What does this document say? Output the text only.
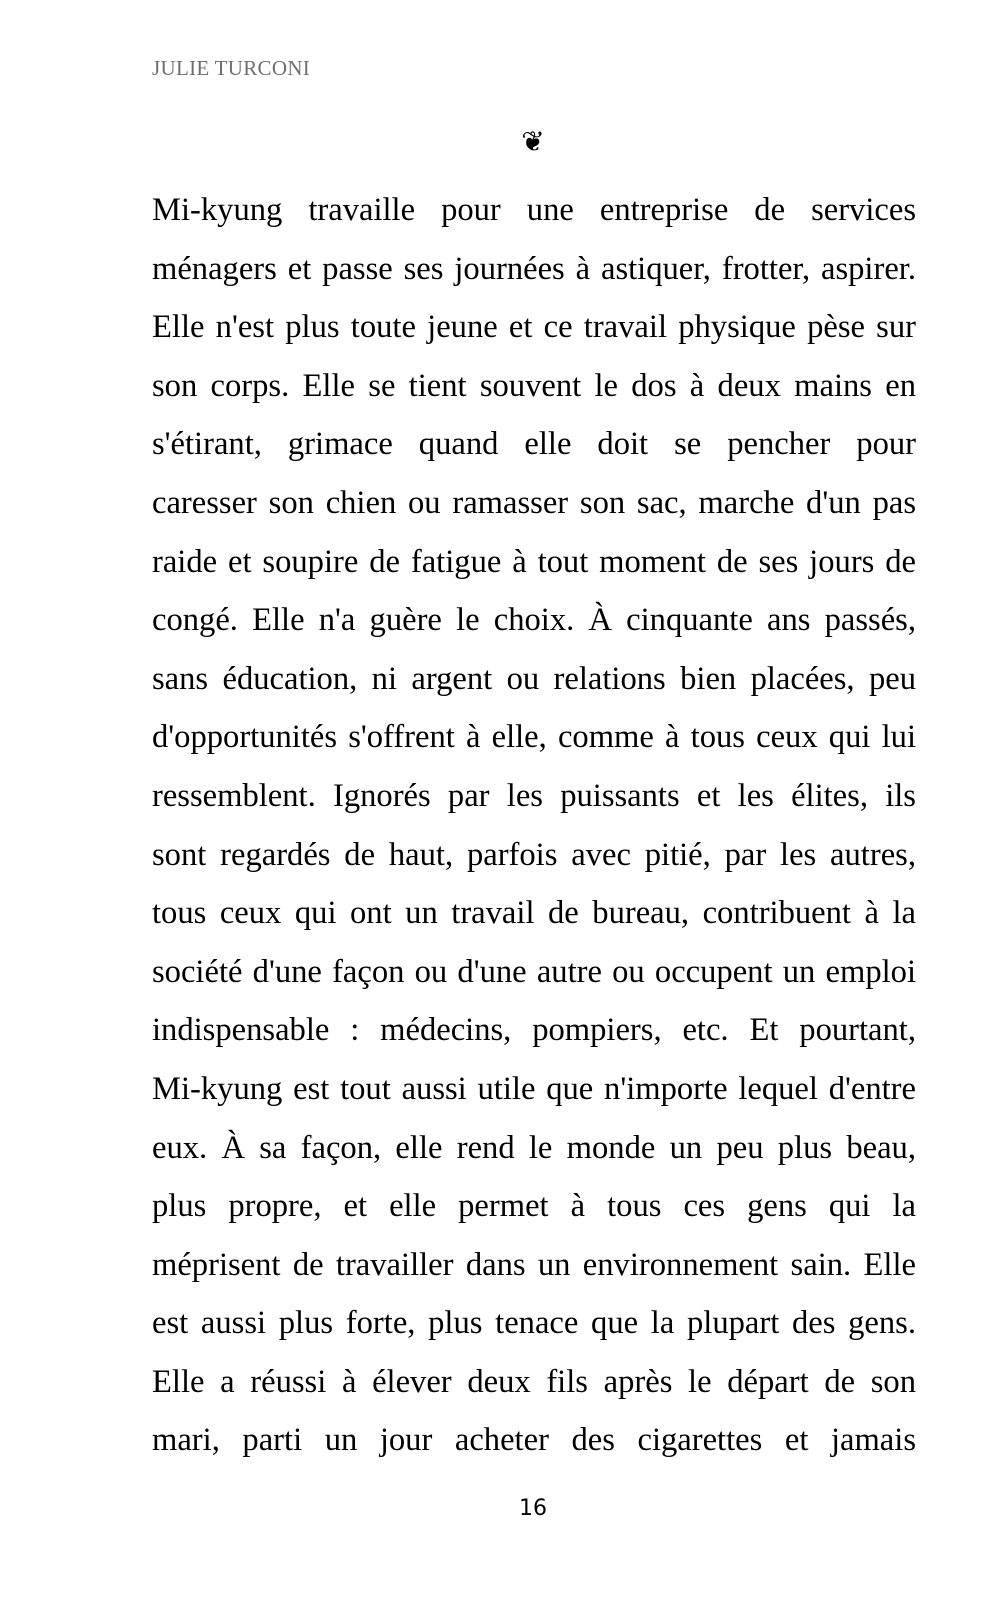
JULIE TURCONI
❦
Mi-kyung travaille pour une entreprise de services
ménagers et passe ses journées à astiquer, frotter, aspirer.
Elle n'est plus toute jeune et ce travail physique pèse sur
son corps. Elle se tient souvent le dos à deux mains en
s'étirant, grimace quand elle doit se pencher pour
caresser son chien ou ramasser son sac, marche d'un pas
raide et soupire de fatigue à tout moment de ses jours de
congé. Elle n'a guère le choix. À cinquante ans passés,
sans éducation, ni argent ou relations bien placées, peu
d'opportunités s'offrent à elle, comme à tous ceux qui lui
ressemblent. Ignorés par les puissants et les élites, ils
sont regardés de haut, parfois avec pitié, par les autres,
tous ceux qui ont un travail de bureau, contribuent à la
société d'une façon ou d'une autre ou occupent un emploi
indispensable : médecins, pompiers, etc. Et pourtant,
Mi-kyung est tout aussi utile que n'importe lequel d'entre
eux. À sa façon, elle rend le monde un peu plus beau,
plus propre, et elle permet à tous ces gens qui la
méprisent de travailler dans un environnement sain. Elle
est aussi plus forte, plus tenace que la plupart des gens.
Elle a réussi à élever deux fils après le départ de son
mari, parti un jour acheter des cigarettes et jamais
16
